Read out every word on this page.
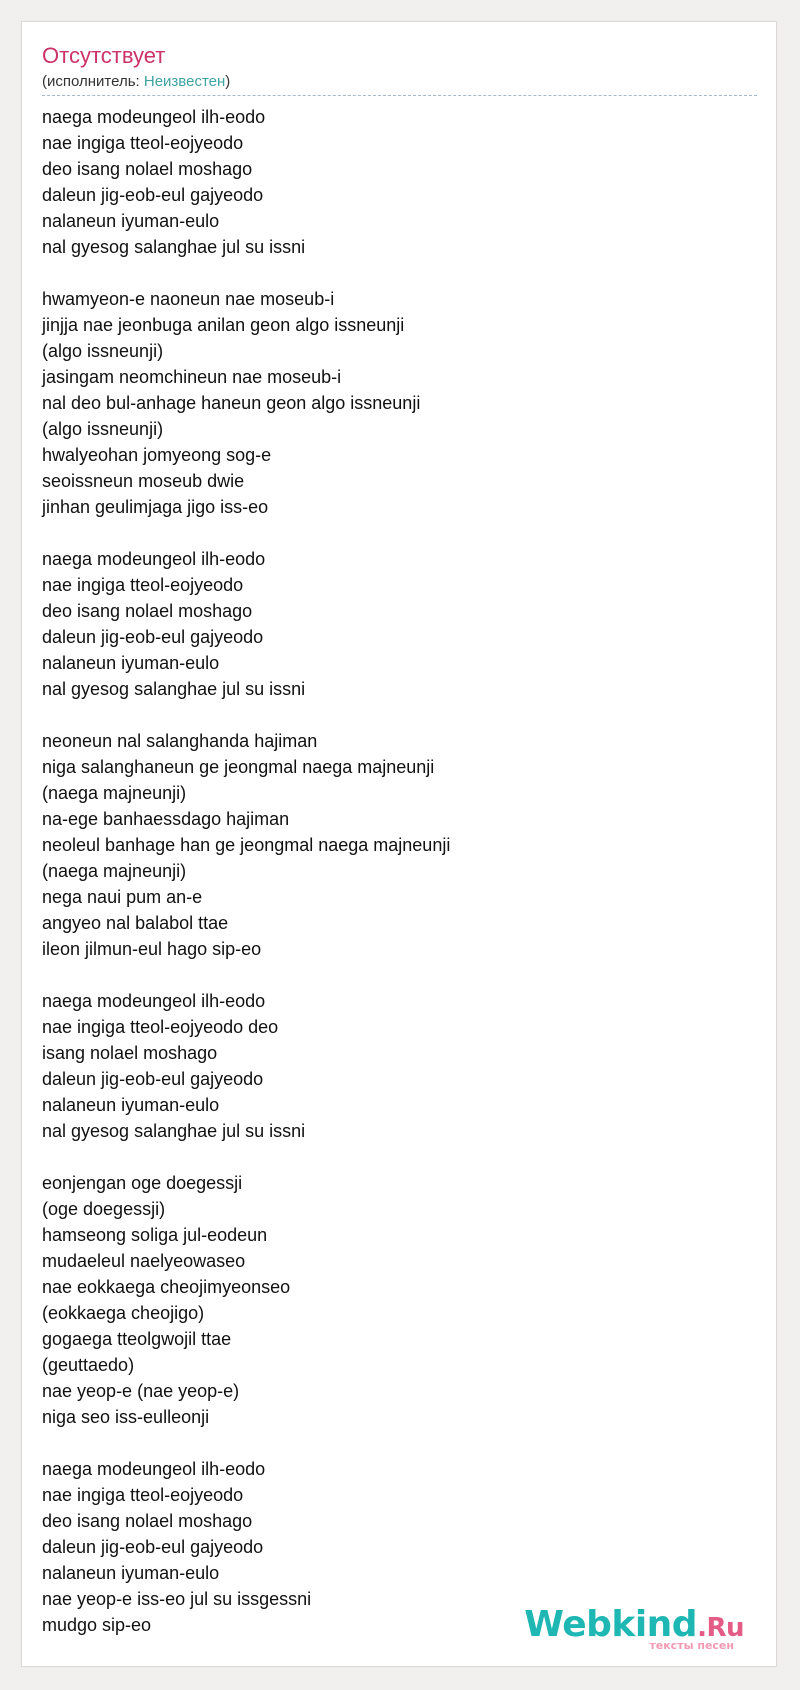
Отсутствует
(исполнитель: Неизвестен)
naega modeungeol ilh-eodo
nae ingiga tteol-eojyeodo
deo isang nolael moshago
daleun jig-eob-eul gajyeodo
nalaneun iyuman-eulo
nal gyesog salanghae jul su issni
hwamyeon-e naoneun nae moseub-i
jinjja nae jeonbuga anilan geon algo issneunji
(algo issneunji)
jasingam neomchineun nae moseub-i
nal deo bul-anhage haneun geon algo issneunji
(algo issneunji)
hwalyeohan jomyeong sog-e
seoissneun moseub dwie
jinhan geulimjaga jigo iss-eo
naega modeungeol ilh-eodo
nae ingiga tteol-eojyeodo
deo isang nolael moshago
daleun jig-eob-eul gajyeodo
nalaneun iyuman-eulo
nal gyesog salanghae jul su issni
neoneun nal salanghanda hajiman
niga salanghaneun ge jeongmal naega majneunji
(naega majneunji)
na-ege banhaessdago hajiman
neoleul banhage han ge jeongmal naega majneunji
(naega majneunji)
nega naui pum an-e
angyeo nal balabol ttae
ileon jilmun-eul hago sip-eo
naega modeungeol ilh-eodo
nae ingiga tteol-eojyeodo deo
isang nolael moshago
daleun jig-eob-eul gajyeodo
nalaneun iyuman-eulo
nal gyesog salanghae jul su issni
eonjengan oge doegessji
(oge doegessji)
hamseong soliga jul-eodeun
mudaeleul naelyeowaseo
nae eokkaega cheojimyeonseo
(eokkaega cheojigo)
gogaega tteolgwojil ttae
(geuttaedo)
nae yeop-e (nae yeop-e)
niga seo iss-eulleonji
naega modeungeol ilh-eodo
nae ingiga tteol-eojyeodo
deo isang nolael moshago
daleun jig-eob-eul gajyeodo
nalaneun iyuman-eulo
nae yeop-e iss-eo jul su issgessni
mudgo sip-eo	Webkind.Ru
тексты песен
